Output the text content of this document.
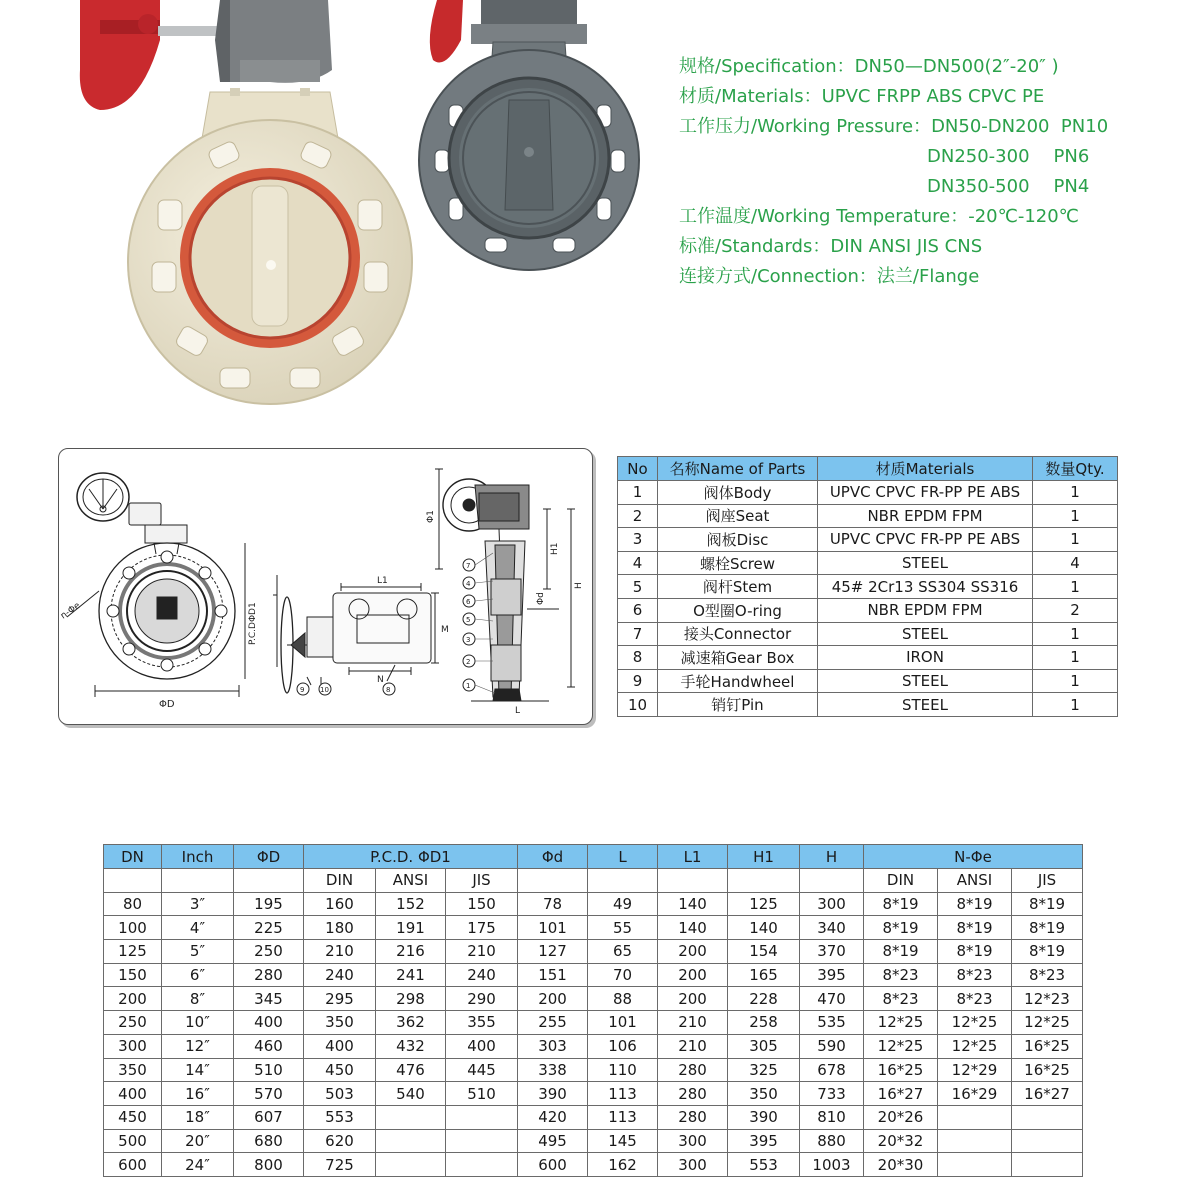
规格/Specification：DN50—DN500(2″-20″ )
材质/Materials：UPVC FRPP ABS CPVC PE
工作压力/Working Pressure：DN50-DN200 PN10
DN250-300 PN6
DN350-500 PN4
工作温度/Working Temperature：-20℃-120℃
标准/Standards：DIN ANSI JIS CNS
连接方式/Connection：法兰/Flange
ΦD
n-Φe	P.C.DΦD1
L1
N
M
9 10	8
Φ1
H1
H
Φd
L
7
4
6
5
3
2
1
No	名称Name of Parts	材质Materials	数量Qty.
1	阀体Body	UPVC CPVC FR-PP PE ABS	1
2	阀座Seat	NBR EPDM FPM	1
3	阀板Disc	UPVC CPVC FR-PP PE ABS	1
4	螺栓Screw	STEEL	4
5	阀杆Stem	45# 2Cr13 SS304 SS316	1
6	O型圈O-ring	NBR EPDM FPM	2
7	接头Connector	STEEL	1
8	减速箱Gear Box	IRON	1
9	手轮Handwheel	STEEL	1
10	销钉Pin	STEEL	1
DN	Inch	ΦD	P.C.D. ΦD1			Φd	L	L1	H1	H	N-Φe		
			DIN	ANSI	JIS						DIN	ANSI	JIS
80	3″	195	160	152	150	78	49	140	125	300	8*19	8*19	8*19
100	4″	225	180	191	175	101	55	140	140	340	8*19	8*19	8*19
125	5″	250	210	216	210	127	65	200	154	370	8*19	8*19	8*19
150	6″	280	240	241	240	151	70	200	165	395	8*23	8*23	8*23
200	8″	345	295	298	290	200	88	200	228	470	8*23	8*23	12*23
250	10″	400	350	362	355	255	101	210	258	535	12*25	12*25	12*25
300	12″	460	400	432	400	303	106	210	305	590	12*25	12*25	16*25
350	14″	510	450	476	445	338	110	280	325	678	16*25	12*29	16*25
400	16″	570	503	540	510	390	113	280	350	733	16*27	16*29	16*27
450	18″	607	553			420	113	280	390	810	20*26		
500	20″	680	620			495	145	300	395	880	20*32		
600	24″	800	725			600	162	300	553	1003	20*30		
